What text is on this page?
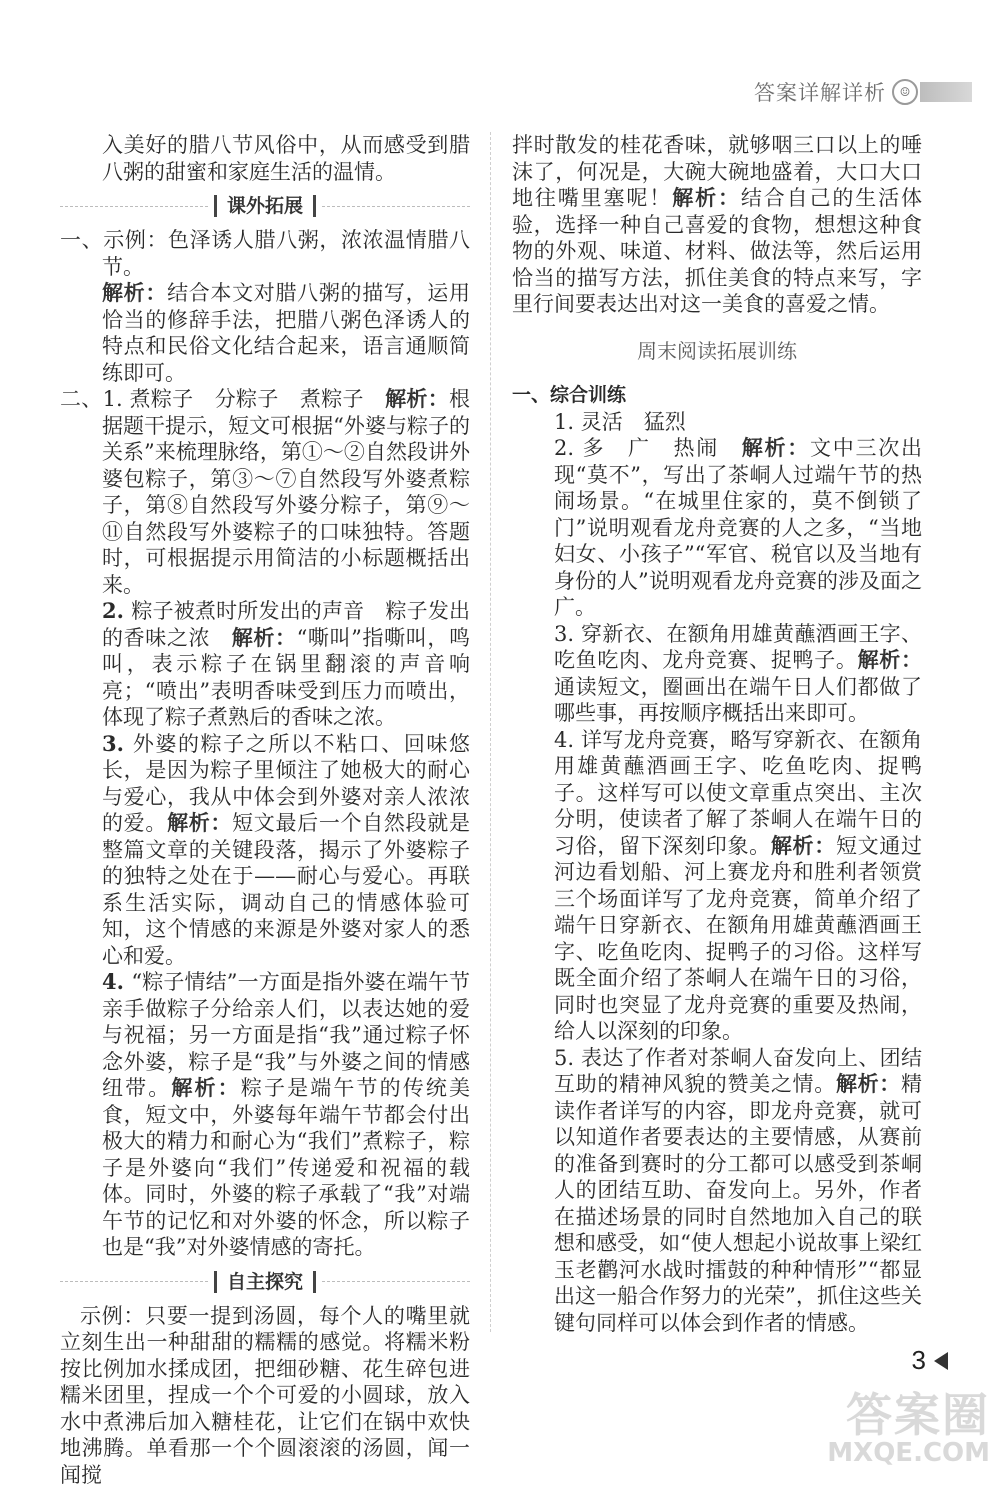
答案详解详析	☺

入美好的腊八节风俗中，从而感受到腊八粥的甜蜜和家庭生活的温情。

课外拓展

一、示例：色泽诱人腊八粥，浓浓温情腊八节。

解析：结合本文对腊八粥的描写，运用恰当的修辞手法，把腊八粥色泽诱人的特点和民俗文化结合起来，语言通顺简练即可。

二、1. 煮粽子　分粽子　煮粽子　解析：根据题干提示，短文可根据“外婆与粽子的关系”来梳理脉络，第①～②自然段讲外婆包粽子，第③～⑦自然段写外婆煮粽子，第⑧自然段写外婆分粽子，第⑨～⑪自然段写外婆粽子的口味独特。答题时，可根据提示用简洁的小标题概括出来。

2. 粽子被煮时所发出的声音　粽子发出的香味之浓　解析：“嘶叫”指嘶叫，鸣叫，表示粽子在锅里翻滚的声音响亮；“喷出”表明香味受到压力而喷出，体现了粽子煮熟后的香味之浓。

3. 外婆的粽子之所以不粘口、回味悠长，是因为粽子里倾注了她极大的耐心与爱心，我从中体会到外婆对亲人浓浓的爱。解析：短文最后一个自然段就是整篇文章的关键段落，揭示了外婆粽子的独特之处在于——耐心与爱心。再联系生活实际，调动自己的情感体验可知，这个情感的来源是外婆对家人的悉心和爱。

4. “粽子情结”一方面是指外婆在端午节亲手做粽子分给亲人们，以表达她的爱与祝福；另一方面是指“我”通过粽子怀念外婆，粽子是“我”与外婆之间的情感纽带。解析：粽子是端午节的传统美食，短文中，外婆每年端午节都会付出极大的精力和耐心为“我们”煮粽子，粽子是外婆向“我们”传递爱和祝福的载体。同时，外婆的粽子承载了“我”对端午节的记忆和对外婆的怀念，所以粽子也是“我”对外婆情感的寄托。

自主探究

示例：只要一提到汤圆，每个人的嘴里就立刻生出一种甜甜的糯糯的感觉。将糯米粉按比例加水揉成团，把细砂糖、花生碎包进糯米团里，捏成一个个可爱的小圆球，放入水中煮沸后加入糖桂花，让它们在锅中欢快地沸腾。单看那一个个圆滚滚的汤圆，闻一闻搅

拌时散发的桂花香味，就够咽三口以上的唾沫了，何况是，大碗大碗地盛着，大口大口地往嘴里塞呢！解析：结合自己的生活体验，选择一种自己喜爱的食物，想想这种食物的外观、味道、材料、做法等，然后运用恰当的描写方法，抓住美食的特点来写，字里行间要表达出对这一美食的喜爱之情。

周末阅读拓展训练

一、综合训练

1. 灵活　猛烈

2. 多　广　热闹　解析：文中三次出现“莫不”，写出了茶峒人过端午节的热闹场景。“在城里住家的，莫不倒锁了门”说明观看龙舟竞赛的人之多，“当地妇女、小孩子”“军官、税官以及当地有身份的人”说明观看龙舟竞赛的涉及面之广。

3. 穿新衣、在额角用雄黄蘸酒画王字、吃鱼吃肉、龙舟竞赛、捉鸭子。解析：通读短文，圈画出在端午日人们都做了哪些事，再按顺序概括出来即可。

4. 详写龙舟竞赛，略写穿新衣、在额角用雄黄蘸酒画王字、吃鱼吃肉、捉鸭子。这样写可以使文章重点突出、主次分明，使读者了解了茶峒人在端午日的习俗，留下深刻印象。解析：短文通过河边看划船、河上赛龙舟和胜利者领赏三个场面详写了龙舟竞赛，简单介绍了端午日穿新衣、在额角用雄黄蘸酒画王字、吃鱼吃肉、捉鸭子的习俗。这样写既全面介绍了茶峒人在端午日的习俗，同时也突显了龙舟竞赛的重要及热闹，给人以深刻的印象。

5. 表达了作者对茶峒人奋发向上、团结互助的精神风貌的赞美之情。解析：精读作者详写的内容，即龙舟竞赛，就可以知道作者要表达的主要情感，从赛前的准备到赛时的分工都可以感受到茶峒人的团结互助、奋发向上。另外，作者在描述场景的同时自然地加入自己的联想和感受，如“使人想起小说故事上梁红玉老鹳河水战时擂鼓的种种情形”“都显出这一船合作努力的光荣”，抓住这些关键句同样可以体会到作者的情感。

3
答案圈
MXQE.COM
